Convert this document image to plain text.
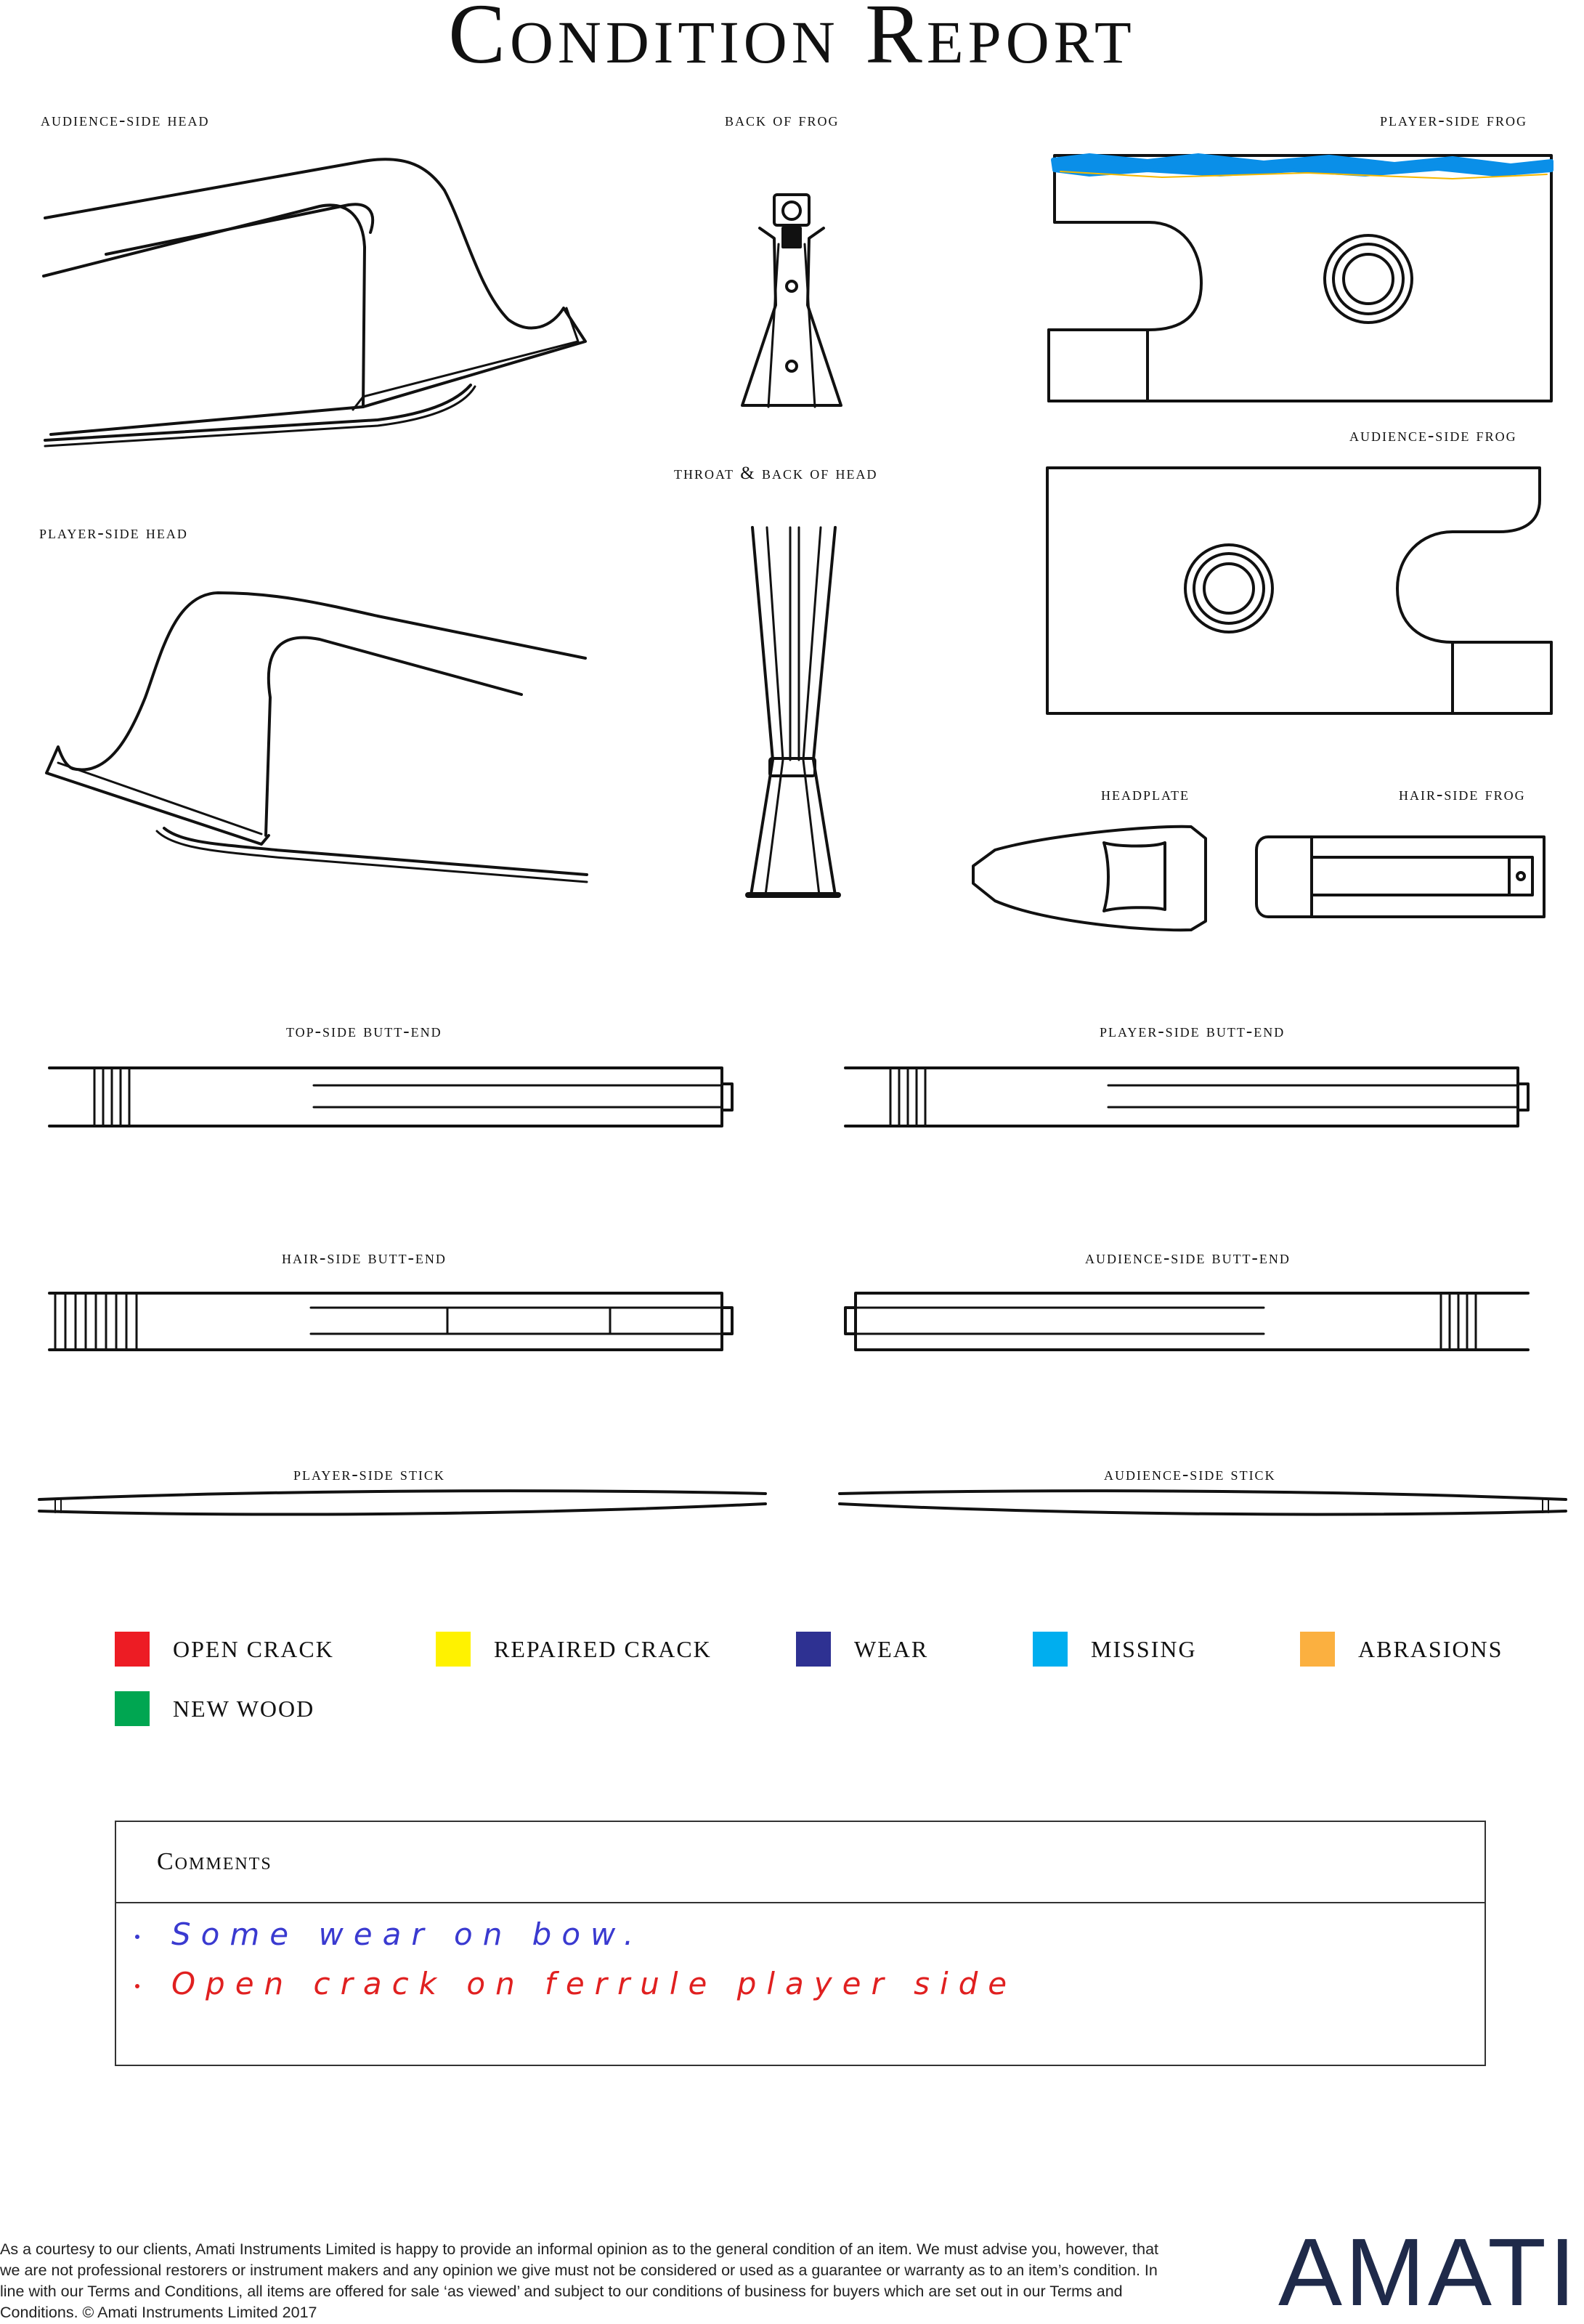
Condition Report
audience-side head	back of frog	player-side frog
audience-side frog
throat & back of head
player-side head
headplate	hair-side frog
top-side butt-end	player-side butt-end
hair-side butt-end	audience-side butt-end
player-side stick	audience-side stick
OPEN CRACK	REPAIRED CRACK	WEAR	MISSING	ABRASIONS
NEW WOOD
Comments
Some wear on bow.
Open crack on ferrule player side
As a courtesy to our clients, Amati Instruments Limited is happy to provide an informal opinion as to the general condition of an item. We must advise you, however, that we are not professional restorers or instrument makers and any opinion we give must not be considered or used as a guarantee or warranty as to an item’s condition. In line with our Terms and Conditions, all items are offered for sale ‘as viewed’ and subject to our conditions of business for buyers which are set out in our Terms and Conditions. © Amati Instruments Limited 2017	AMATI
